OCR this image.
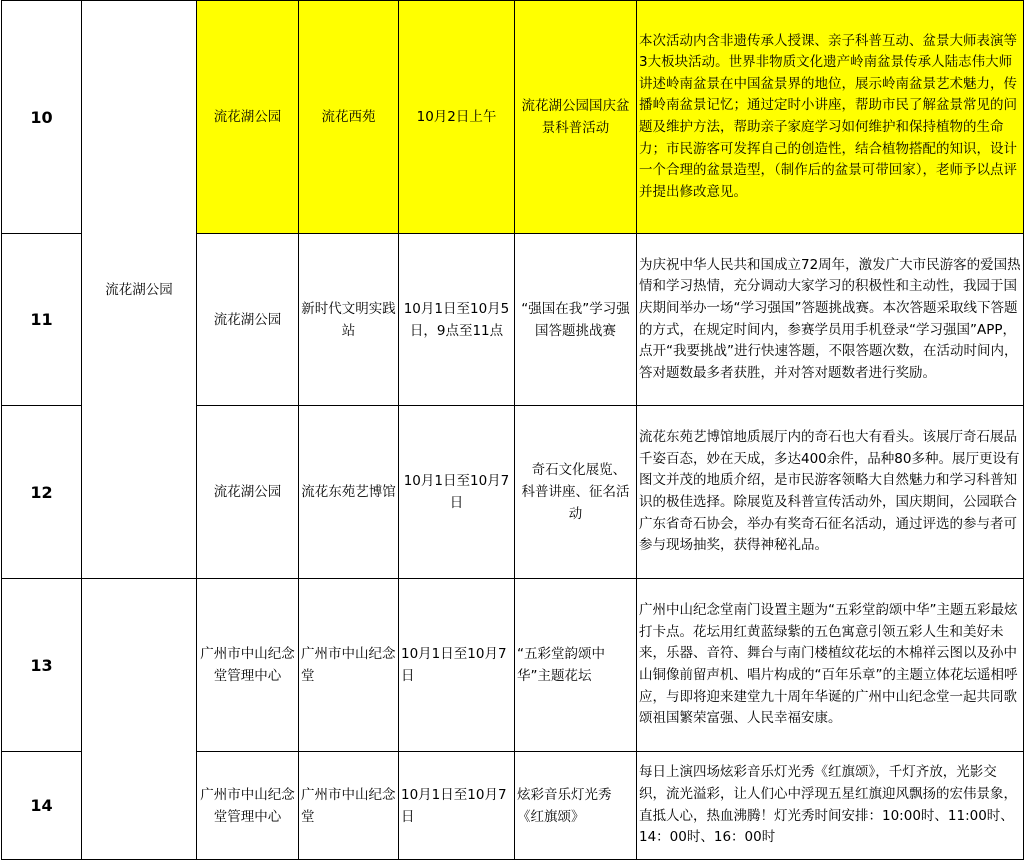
10	流花湖公园	流花湖公园	流花西苑	10月2日上午	流花湖公园国庆盆景科普活动	本次活动内含非遗传承人授课、亲子科普互动、盆景大师表演等3大板块活动。世界非物质文化遗产岭南盆景传承人陆志伟大师讲述岭南盆景在中国盆景界的地位，展示岭南盆景艺术魅力，传播岭南盆景记忆；通过定时小讲座，帮助市民了解盆景常见的问题及维护方法，帮助亲子家庭学习如何维护和保持植物的生命力；市民游客可发挥自己的创造性，结合植物搭配的知识，设计一个合理的盆景造型，（制作后的盆景可带回家），老师予以点评并提出修改意见。
11		流花湖公园	新时代文明实践站	10月1日至10月5日，9点至11点	“强国在我”学习强国答题挑战赛	为庆祝中华人民共和国成立72周年，激发广大市民游客的爱国热情和学习热情，充分调动大家学习的积极性和主动性，我园于国庆期间举办一场“学习强国”答题挑战赛。本次答题采取线下答题的方式，在规定时间内，参赛学员用手机登录“学习强国”APP，点开“我要挑战”进行快速答题，不限答题次数，在活动时间内，答对题数最多者获胜，并对答对题数者进行奖励。
12		流花湖公园	流花东苑艺博馆	10月1日至10月7日	奇石文化展览、　　科普讲座、征名活动	流花东苑艺博馆地质展厅内的奇石也大有看头。该展厅奇石展品千姿百态，妙在天成，多达400余件，品种80多种。展厅更设有图文并茂的地质介绍，是市民游客领略大自然魅力和学习科普知识的极佳选择。除展览及科普宣传活动外，国庆期间，公园联合广东省奇石协会，举办有奖奇石征名活动，通过评选的参与者可参与现场抽奖，获得神秘礼品。
13		广州市中山纪念堂管理中心	广州市中山纪念堂	10月1日至10月7日	“五彩堂韵颂中华”主题花坛	广州中山纪念堂南门设置主题为“五彩堂韵颂中华”主题五彩最炫打卡点。花坛用红黄蓝绿紫的五色寓意引领五彩人生和美好未来，乐器、音符、舞台与南门楼植纹花坛的木棉祥云图以及孙中山铜像前留声机、唱片构成的“百年乐章”的主题立体花坛遥相呼应，与即将迎来建堂九十周年华诞的广州中山纪念堂一起共同歌颂祖国繁荣富强、人民幸福安康。
14		广州市中山纪念堂管理中心	广州市中山纪念堂	10月1日至10月7日	炫彩音乐灯光秀《红旗颂》	每日上演四场炫彩音乐灯光秀《红旗颂》，千灯齐放，光影交织，流光溢彩，让人们心中浮现五星红旗迎风飘扬的宏伟景象，直抵人心，热血沸腾！灯光秀时间安排：10:00时、11:00时、14：00时、16：00时
